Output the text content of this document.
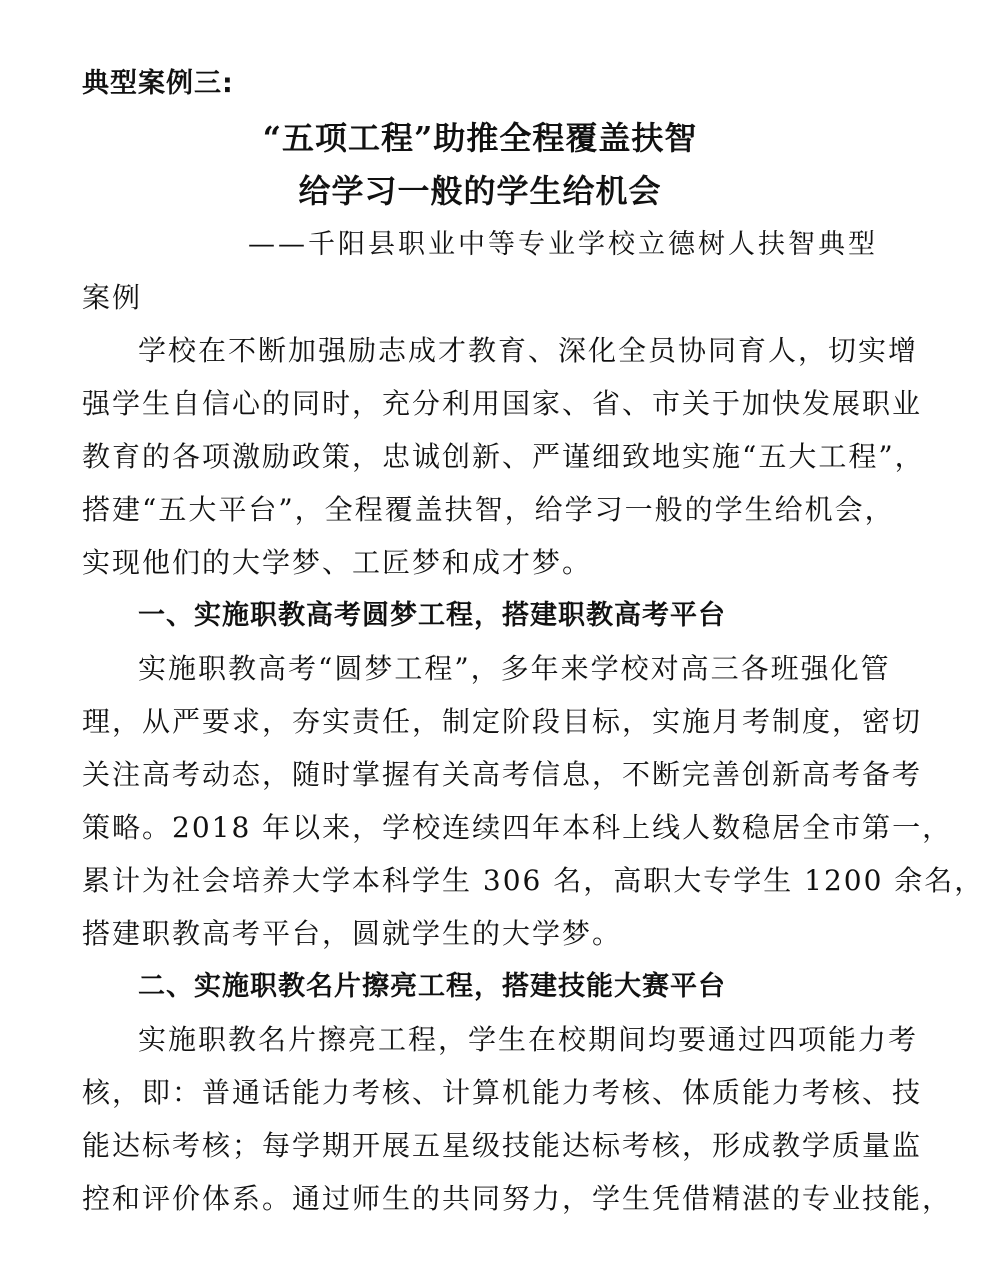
典型案例三:
“五项工程”助推全程覆盖扶智
给学习一般的学生给机会
——千阳县职业中等专业学校立德树人扶智典型
案例
学校在不断加强励志成才教育、深化全员协同育人，切实增
强学生自信心的同时，充分利用国家、省、市关于加快发展职业
教育的各项激励政策，忠诚创新、严谨细致地实施“五大工程”，
搭建“五大平台”，全程覆盖扶智，给学习一般的学生给机会，
实现他们的大学梦、工匠梦和成才梦。
一、实施职教高考圆梦工程，搭建职教高考平台
实施职教高考“圆梦工程”，多年来学校对高三各班强化管
理，从严要求，夯实责任，制定阶段目标，实施月考制度，密切
关注高考动态，随时掌握有关高考信息，不断完善创新高考备考
策略。2018 年以来，学校连续四年本科上线人数稳居全市第一，
累计为社会培养大学本科学生 306 名，高职大专学生 1200 余名，
搭建职教高考平台，圆就学生的大学梦。
二、实施职教名片擦亮工程，搭建技能大赛平台
实施职教名片擦亮工程，学生在校期间均要通过四项能力考
核，即：普通话能力考核、计算机能力考核、体质能力考核、技
能达标考核；每学期开展五星级技能达标考核，形成教学质量监
控和评价体系。通过师生的共同努力，学生凭借精湛的专业技能，
